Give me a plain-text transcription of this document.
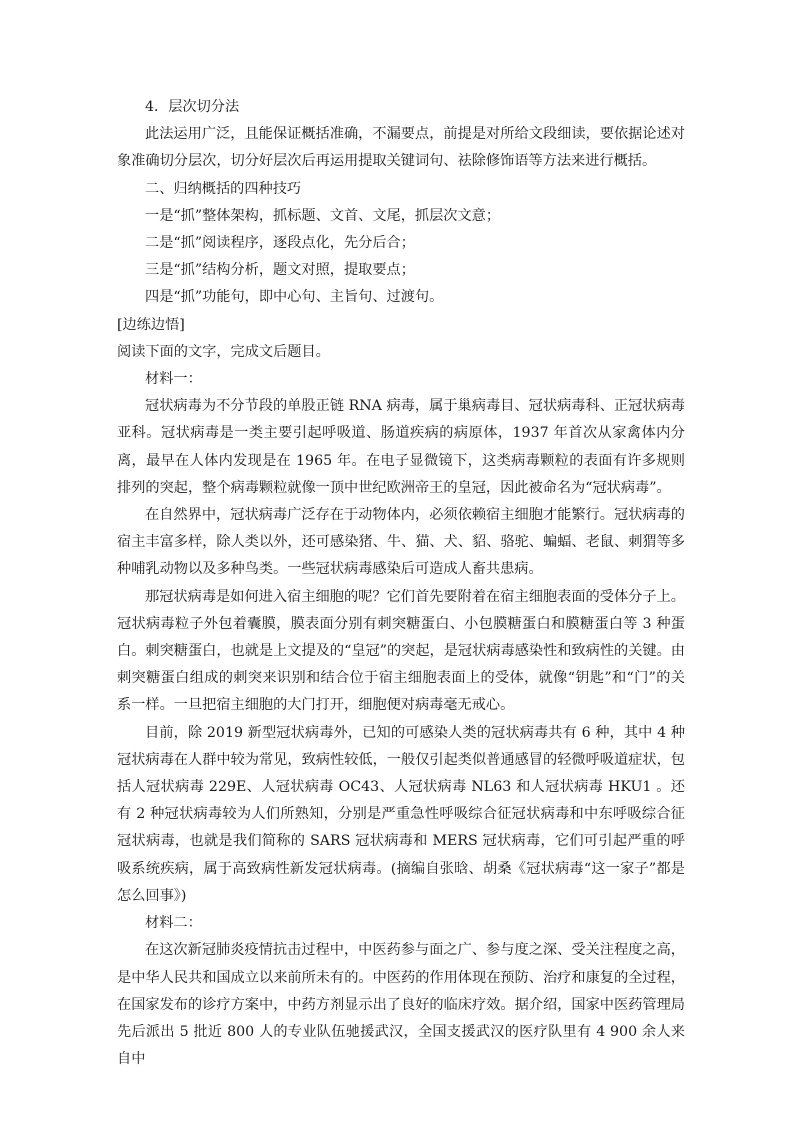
4．层次切分法

此法运用广泛，且能保证概括准确，不漏要点，前提是对所给文段细读，要依据论述对象准确切分层次，切分好层次后再运用提取关键词句、祛除修饰语等方法来进行概括。

二、归纳概括的四种技巧

一是“抓”整体架构，抓标题、文首、文尾，抓层次文意；

二是“抓”阅读程序，逐段点化，先分后合；

三是“抓”结构分析，题文对照，提取要点；

四是“抓”功能句，即中心句、主旨句、过渡句。

[边练边悟]

阅读下面的文字，完成文后题目。

材料一：

冠状病毒为不分节段的单股正链 RNA 病毒，属于巢病毒目、冠状病毒科、正冠状病毒亚科。冠状病毒是一类主要引起呼吸道、肠道疾病的病原体，1937 年首次从家禽体内分离，最早在人体内发现是在 1965 年。在电子显微镜下，这类病毒颗粒的表面有许多规则排列的突起，整个病毒颗粒就像一顶中世纪欧洲帝王的皇冠，因此被命名为“冠状病毒”。

在自然界中，冠状病毒广泛存在于动物体内，必须依赖宿主细胞才能繁行。冠状病毒的宿主丰富多样，除人类以外，还可感染猪、牛、猫、犬、貂、骆驼、蝙蝠、老鼠、刺猬等多种哺乳动物以及多种鸟类。一些冠状病毒感染后可造成人畜共患病。

那冠状病毒是如何进入宿主细胞的呢？它们首先要附着在宿主细胞表面的受体分子上。冠状病毒粒子外包着囊膜，膜表面分别有刺突糖蛋白、小包膜糖蛋白和膜糖蛋白等 3 种蛋白。刺突糖蛋白，也就是上文提及的“皇冠”的突起，是冠状病毒感染性和致病性的关键。由刺突糖蛋白组成的刺突来识别和结合位于宿主细胞表面上的受体，就像“钥匙”和“门”的关系一样。一旦把宿主细胞的大门打开，细胞便对病毒毫无戒心。

目前，除 2019 新型冠状病毒外，已知的可感染人类的冠状病毒共有 6 种，其中 4 种冠状病毒在人群中较为常见，致病性较低，一般仅引起类似普通感冒的轻微呼吸道症状，包括人冠状病毒 229E、人冠状病毒 OC43、人冠状病毒 NL63 和人冠状病毒 HKU1 。还有 2 种冠状病毒较为人们所熟知，分别是严重急性呼吸综合征冠状病毒和中东呼吸综合征冠状病毒，也就是我们简称的 SARS 冠状病毒和 MERS 冠状病毒，它们可引起严重的呼吸系统疾病，属于高致病性新发冠状病毒。(摘编自张晗、胡桑《冠状病毒“这一家子”都是怎么回事》)

材料二：

在这次新冠肺炎疫情抗击过程中，中医药参与面之广、参与度之深、受关注程度之高，是中华人民共和国成立以来前所未有的。中医药的作用体现在预防、治疗和康复的全过程，在国家发布的诊疗方案中，中药方剂显示出了良好的临床疗效。据介绍，国家中医药管理局先后派出 5 批近 800 人的专业队伍驰援武汉，全国支援武汉的医疗队里有 4 900 余人来自中
